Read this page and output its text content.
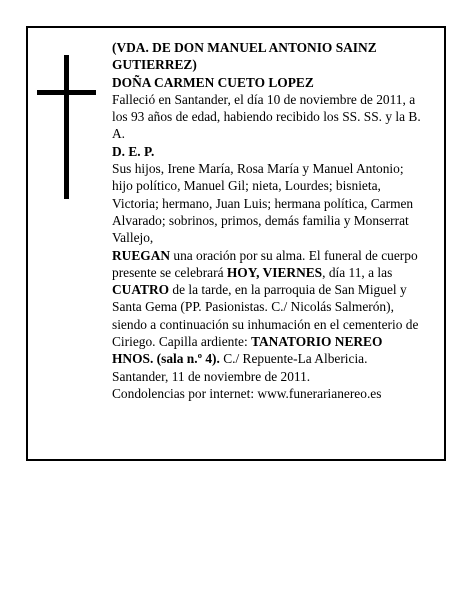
(VDA. DE DON MANUEL ANTONIO SAINZ GUTIERREZ)

DOÑA CARMEN CUETO LOPEZ

Falleció en Santander, el día 10 de noviembre de 2011, a los 93 años de edad, habiendo recibido los SS. SS. y la B. A.

D. E. P.

Sus hijos, Irene María, Rosa María y Manuel Antonio; hijo político, Manuel Gil; nieta, Lourdes; bisnieta, Victoria; hermano, Juan Luis; hermana política, Carmen Alvarado; sobrinos, primos, demás familia y Monserrat Vallejo,

RUEGAN una oración por su alma. El funeral de cuerpo presente se celebrará HOY, VIERNES, día 11, a las CUATRO de la tarde, en la parroquia de San Miguel y Santa Gema (PP. Pasionistas. C./ Nicolás Salmerón), siendo a continuación su inhumación en el cementerio de Ciriego. Capilla ardiente: TANATORIO NEREO HNOS. (sala n.º 4). C./ Repuente-La Albericia.

Santander, 11 de noviembre de 2011.

Condolencias por internet: www.funerarianereo.es
